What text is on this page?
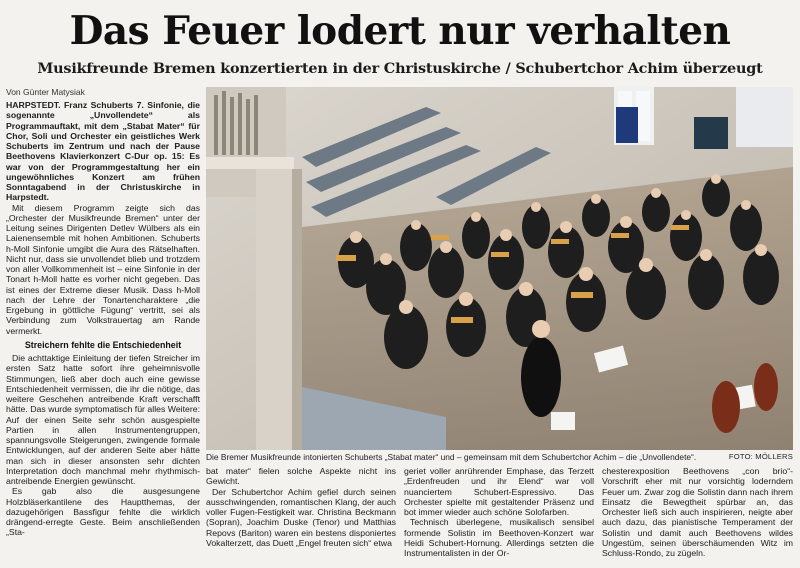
Das Feuer lodert nur verhalten
Musikfreunde Bremen konzertierten in der Christuskirche / Schubertchor Achim überzeugt
Von Günter Matysiak

HARPSTEDT. Franz Schuberts 7. Sinfonie, die sogenannte „Unvollendete“ als Programmauftakt, mit dem „Stabat Mater“ für Chor, Soli und Orchester ein geistliches Werk Schuberts im Zentrum und nach der Pause Beethovens Klavierkonzert C-Dur op. 15: Es war von der Programmgestaltung her ein ungewöhnliches Konzert am frühen Sonntagabend in der Christuskirche in Harpstedt.

Mit diesem Programm zeigte sich das „Orchester der Musikfreunde Bremen“ unter der Leitung seines Dirigenten Detlev Wülbers als ein Laienensemble mit hohen Ambitionen. Schuberts h-Moll Sinfonie umgibt die Aura des Rätselhaften. Nicht nur, dass sie unvollendet blieb und trotzdem von aller Vollkommenheit ist – eine Sinfonie in der Tonart h-Moll hatte es vorher nicht gegeben. Das ist eines der Extreme dieser Musik. Dass h-Moll nach der Lehre der Tonartencharaktere „die Ergebung in göttliche Fügung“ vertritt, sei als Verbindung zum Volkstrauertag am Rande vermerkt.

Streichern fehlte die Entschiedenheit

Die achttaktige Einleitung der tiefen Streicher im ersten Satz hatte sofort ihre geheimnisvolle Stimmungen, ließ aber doch auch eine gewisse Entschiedenheit vermissen, die ihr die nötige, das weitere Geschehen antreibende Kraft verschafft hätte. Das wurde symptomatisch für alles Weitere: Auf der einen Seite sehr schön ausgespielte Partien in allen Instrumentengruppen, spannungsvolle Steigerungen, zwingende formale Entwicklungen, auf der anderen Seite aber hätte man sich in dieser ansonsten sehr dichten Interpretation doch manchmal mehr rhythmisch-antreibende Energien gewünscht.

Es gab also die ausgesungene Holzbläserkantilene des Hauptthemas, der dazugehörigen Bassfigur fehlte die wirklich drängend-erregte Geste. Beim anschließenden „Sta-

Die Bremer Musikfreunde intonierten Schuberts „Stabat mater“ und – gemeinsam mit dem Schubertchor Achim – die „Unvollendete“.	FOTO: MÖLLERS

bat mater“ fielen solche Aspekte nicht ins Gewicht.

Der Schubertchor Achim gefiel durch seinen ausschwingenden, romantischen Klang, der auch voller Fugen-Festigkeit war. Christina Beckmann (Sopran), Joachim Duske (Tenor) und Matthias Repovs (Bariton) waren ein bestens disponiertes Vokalterzett, das Duett „Engel freuten sich“ etwa

geriet voller anrührender Emphase, das Terzett „Erdenfreuden und ihr Elend“ war voll nuanciertem Schubert-Espressivo. Das Orchester spielte mit gestaltender Präsenz und bot immer wieder auch schöne Solofarben.

Technisch überlegene, musikalisch sensibel formende Solistin im Beethoven-Konzert war Heidi Schubert-Hornung. Allerdings setzten die Instrumentalisten in der Or-

chesterexposition Beethovens „con brio“-Vorschrift eher mit nur vorsichtig loderndem Feuer um. Zwar zog die Solistin dann nach ihrem Einsatz die Bewegtheit spürbar an, das Orchester ließ sich auch inspirieren, neigte aber auch dazu, das pianistische Temperament der Solistin und damit auch Beethovens wildes Ungestüm, seinen überschäumenden Witz im Schluss-Rondo, zu zügeln.
